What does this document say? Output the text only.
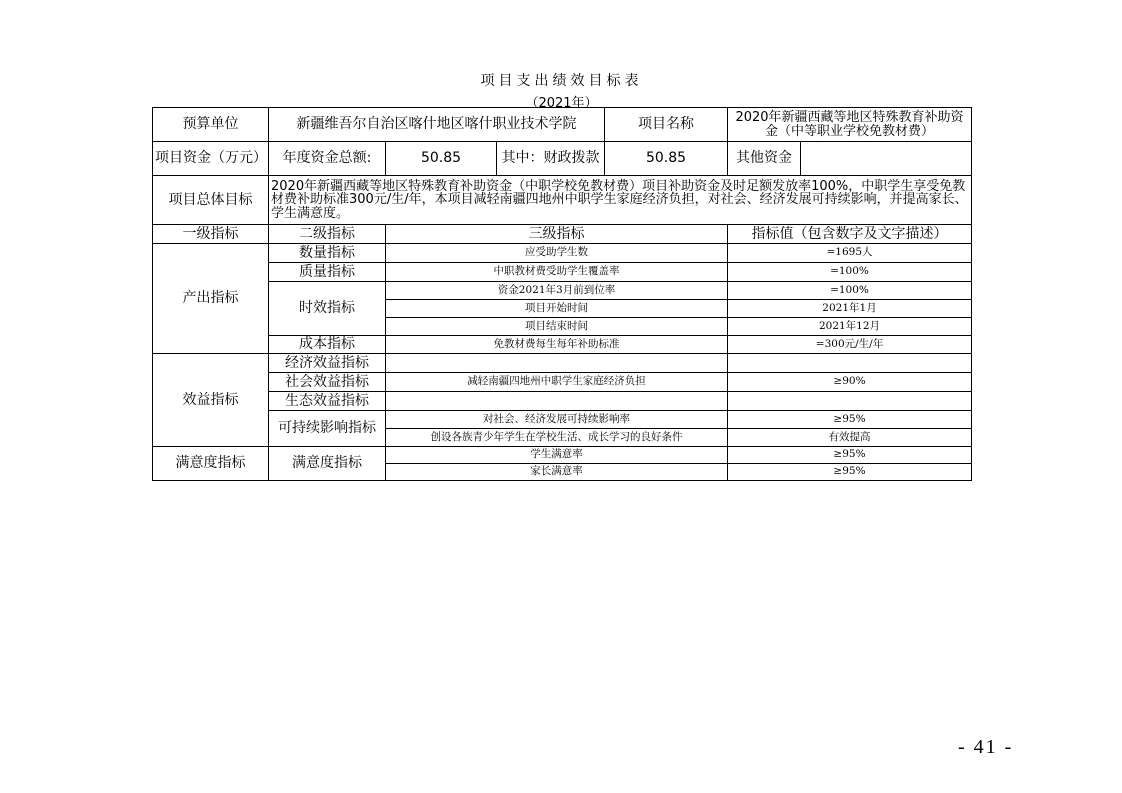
项目支出绩效目标表
（2021年）
预算单位	新疆维吾尔自治区喀什地区喀什职业技术学院			项目名称	2020年新疆西藏等地区特殊教育补助资金（中等职业学校免教材费）	
项目资金（万元）	年度资金总额:	50.85	其中：财政拨款	50.85	其他资金	
项目总体目标	2020年新疆西藏等地区特殊教育补助资金（中职学校免教材费）项目补助资金及时足额发放率100%，中职学生享受免教材费补助标准300元/生/年，本项目减轻南疆四地州中职学生家庭经济负担，对社会、经济发展可持续影响，并提高家长、学生满意度。					
一级指标	二级指标	三级指标			指标值（包含数字及文字描述）	
产出指标	数量指标	应受助学生数			=1695人	
	质量指标	中职教材费受助学生覆盖率			=100%	
	时效指标	资金2021年3月前到位率			=100%	
		项目开始时间			2021年1月	
		项目结束时间			2021年12月	
	成本指标	免教材费每生每年补助标准			=300元/生/年	
效益指标	经济效益指标					
	社会效益指标	减轻南疆四地州中职学生家庭经济负担			≥90%	
	生态效益指标					
	可持续影响指标	对社会、经济发展可持续影响率			≥95%	
		创设各族青少年学生在学校生活、成长学习的良好条件			有效提高	
满意度指标	满意度指标	学生满意率			≥95%	
		家长满意率			≥95%	
- 41 -
